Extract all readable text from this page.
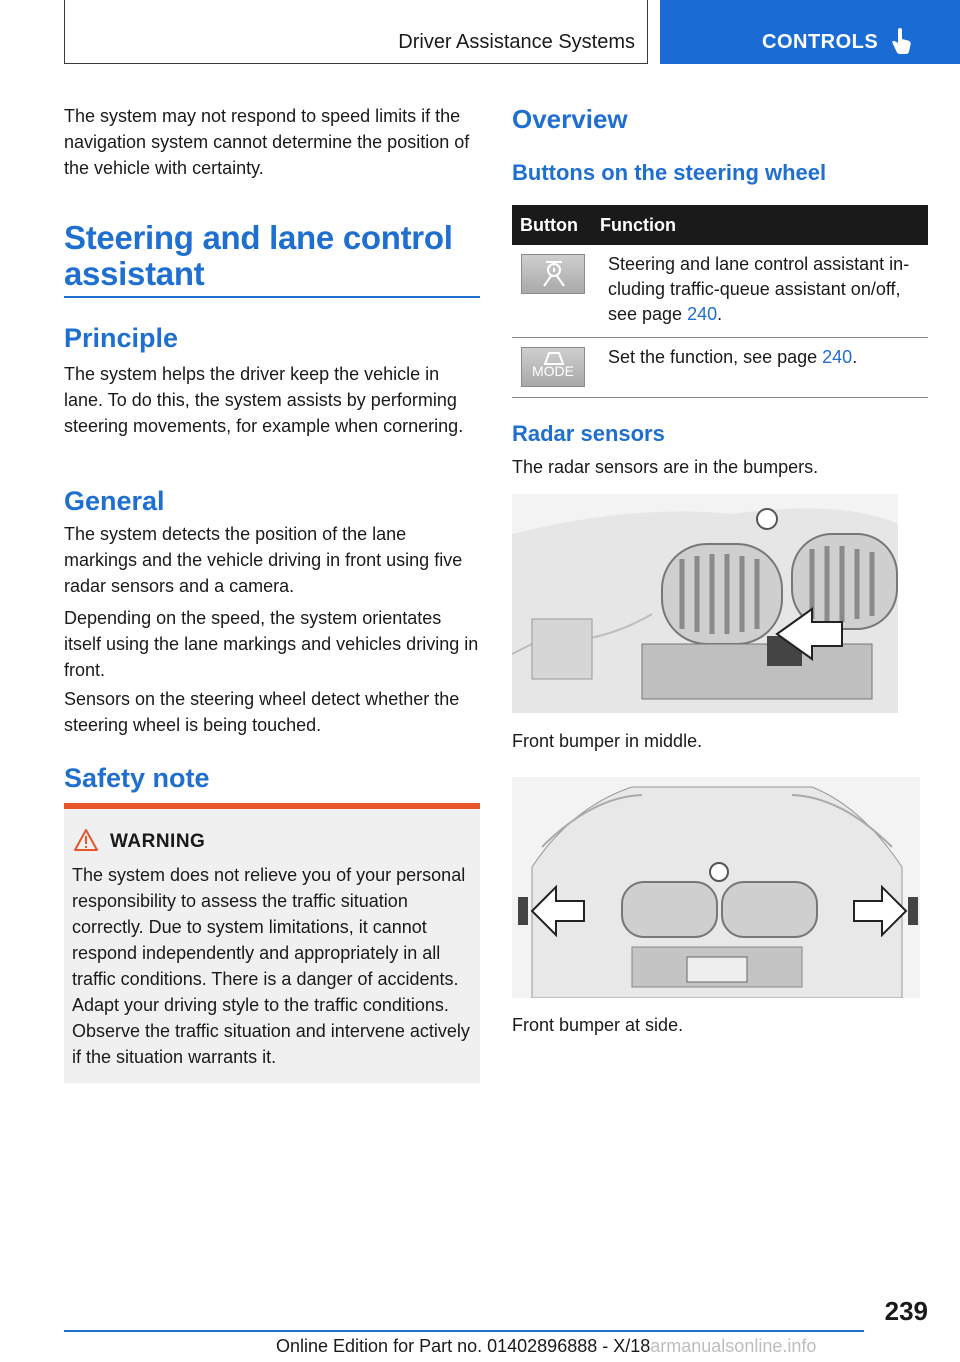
Driver Assistance Systems	CONTROLS

The system may not respond to speed limits if the navigation system cannot determine the position of the vehicle with certainty.

Steering and lane control assistant
Principle

The system helps the driver keep the vehicle in lane. To do this, the system assists by performing steering movements, for example when cornering.

General

The system detects the position of the lane markings and the vehicle driving in front using five radar sensors and a camera.

Depending on the speed, the system orientates itself using the lane markings and vehicles driving in front.

Sensors on the steering wheel detect whether the steering wheel is being touched.

Safety note
WARNING

The system does not relieve you of your personal responsibility to assess the traffic situation correctly. Due to system limitations, it cannot respond independently and appropriately in all traffic conditions. There is a danger of accidents. Adapt your driving style to the traffic conditions. Observe the traffic situation and intervene actively if the situation warrants it.

Overview
Buttons on the steering wheel
Button	Function

	Steering and lane control assistant including traffic-queue assistant on/off, see page 240.

MODE	Set the function, see page 240.
Radar sensors

The radar sensors are in the bumpers.

Front bumper in middle.

Front bumper at side.

239
Online Edition for Part no. 01402896888 - X/18armanualsonline.info
